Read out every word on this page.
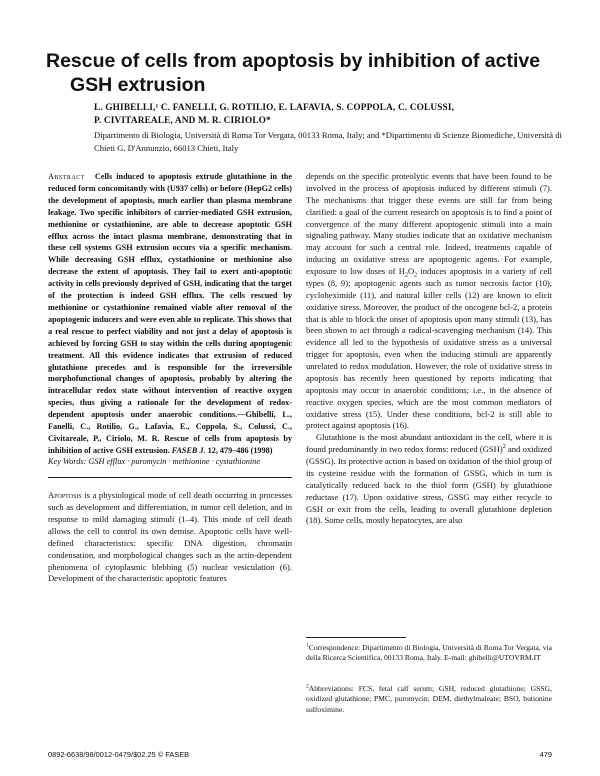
Rescue of cells from apoptosis by inhibition of active
GSH extrusion
L. GHIBELLI,¹ C. FANELLI, G. ROTILIO, E. LAFAVIA, S. COPPOLA, C. COLUSSI,
P. CIVITAREALE, AND M. R. CIRIOLO*
Dipartimento di Biologia, Università di Roma Tor Vergata, 00133 Roma, Italy; and *Dipartimento di Scienze Biomediche, Università di Chieti G. D'Annunzio, 66013 Chieti, Italy

Abstract Cells induced to apoptosis extrude glutathione in the reduced form concomitantly with (U937 cells) or before (HepG2 cells) the development of apoptosis, much earlier than plasma membrane leakage. Two specific inhibitors of carrier-mediated GSH extrusion, methionine or cystathionine, are able to decrease apoptotic GSH efflux across the intact plasma membrane, demonstrating that in these cell systems GSH extrusion occurs via a specific mechanism. While decreasing GSH efflux, cystathionine or methionine also decrease the extent of apoptosis. They fail to exert anti-apoptotic activity in cells previously deprived of GSH, indicating that the target of the protection is indeed GSH efflux. The cells rescued by methionine or cystathionine remained viable after removal of the apoptogenic inducers and were even able to replicate. This shows that a real rescue to perfect viability and not just a delay of apoptosis is achieved by forcing GSH to stay within the cells during apoptogenic treatment. All this evidence indicates that extrusion of reduced glutathione precedes and is responsible for the irreversible morphofunctional changes of apoptosis, probably by altering the intracellular redox state without intervention of reactive oxygen species, thus giving a rationale for the development of redox-dependent apoptosis under anaerobic conditions.—Ghibelli, L., Fanelli, C., Rotilio, G., Lafavia, E., Coppola, S., Colussi, C., Civitareale, P., Ciriolo, M. R. Rescue of cells from apoptosis by inhibition of active GSH extrusion. FASEB J. 12, 479–486 (1998)

Key Words: GSH efflux · puromycin · methionine · cystathionine

Apoptosis is a physiological mode of cell death occurring in processes such as development and differentiation, in tumor cell deletion, and in response to mild damaging stimuli (1–4). This mode of cell death allows the cell to control its own demise. Apoptotic cells have well-defined characteristics: specific DNA digestion, chromatin condensation, and morphological changes such as the actin-dependent phenomena of cytoplasmic blebbing (5) nuclear vesiculation (6). Development of the characteristic apoptotic features

depends on the specific proteolytic events that have been found to be involved in the process of apoptosis induced by different stimuli (7). The mechanisms that trigger these events are still far from being clarified: a goal of the current research on apoptosis is to find a point of convergence of the many different apoptogenic stimuli into a main signaling pathway. Many studies indicate that an oxidative mechanism may account for such a central role. Indeed, treatments capable of inducing an oxidative stress are apoptogenic agents. For example, exposure to low doses of $H_2O_2$ induces apoptosis in a variety of cell types (8, 9); apoptogenic agents such as tumor necrosis factor (10), cycloheximide (11), and natural killer cells (12) are known to elicit oxidative stress. Moreover, the product of the oncogene bcl-2, a protein that is able to block the onset of apoptosis upon many stimuli (13), has been shown to act through a radical-scavenging mechanism (14). This evidence all led to the hypothesis of oxidative stress as a universal trigger for apoptosis, even when the inducing stimuli are apparently unrelated to redox modulation. However, the role of oxidative stress in apoptosis has recently been questioned by reports indicating that apoptosis may occur in anaerobic conditions; i.e., in the absence of reactive oxygen species, which are the most common mediators of oxidative stress (15). Under these conditions, bcl-2 is still able to protect against apoptosis (16).

Glutathione is the most abundant antioxidant in the cell, where it is found predominantly in two redox forms: reduced (GSH)$^2$ and oxidized (GSSG). Its protective action is based on oxidation of the thiol group of its cysteine residue with the formation of GSSG, which in turn is catalytically reduced back to the thiol form (GSH) by glutathione reductase (17). Upon oxidative stress, GSSG may either recycle to GSH or exit from the cells, leading to overall glutathione depletion (18). Some cells, mostly hepatocytes, are also

$^1$Correspondence: Dipartimento di Biologia, Università di Roma Tor Vergata, via della Ricerca Scientifica, 00133 Roma, Italy. E-mail: ghibelli@UTOVRM.IT
$^2$Abbreviations: FCS, fetal calf serum; GSH, reduced glutathione; GSSG, oxidized glutathione; PMC, puromycin; DEM, diethylmaleate; BSO, butionine sulfoximine.
0892-6638/98/0012-0479/$02.25 © FASEB	479
